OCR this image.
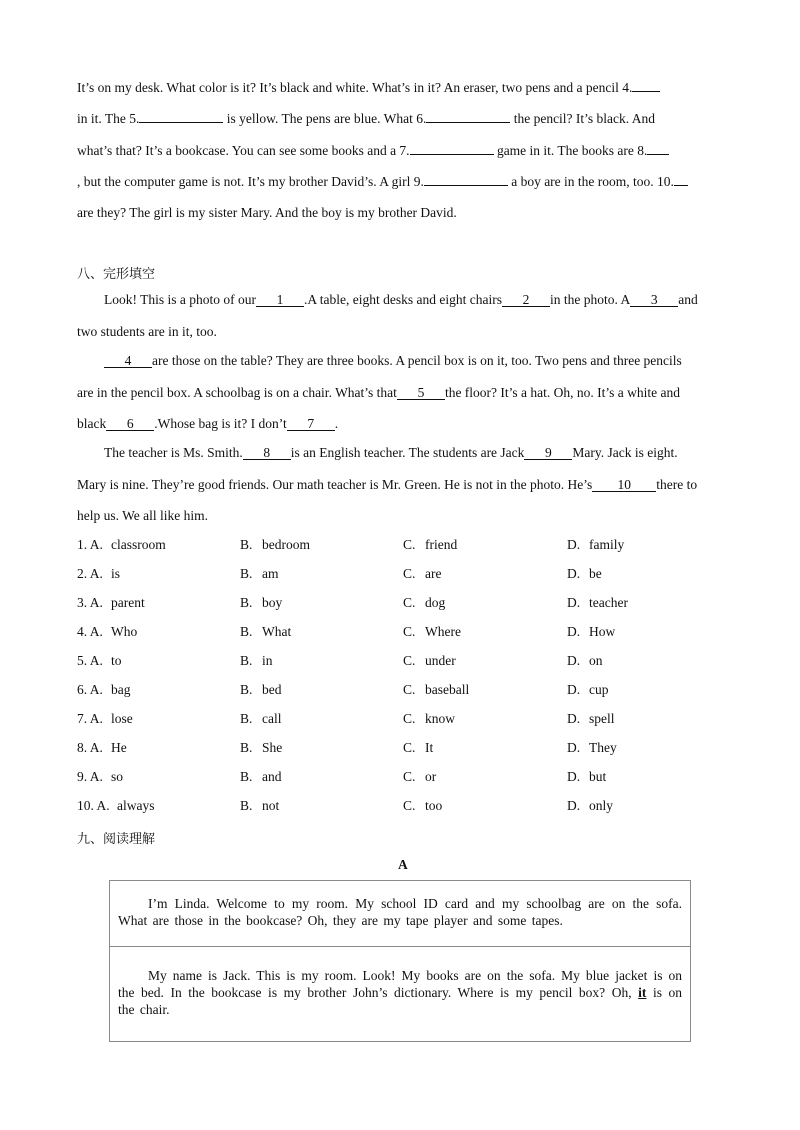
It’s on my desk. What color is it? It’s black and white. What’s in it? An eraser, two pens and a pencil 4.
in it. The 5.	is yellow. The pens are blue. What 6.	the pencil? It’s black. And
what’s that? It’s a bookcase. You can see some books and a 7.	game in it. The books are 8.
, but the computer game is not. It’s my brother David’s. A girl 9.	a boy are in the room, too. 10.
are they? The girl is my sister Mary. And the boy is my brother David.
八、完形填空
Look! This is a photo of our 1 .A table, eight desks and eight chairs 2 in the photo. A 3 and
two students are in it, too.
4 are those on the table? They are three books. A pencil box is on it, too. Two pens and three pencils
are in the pencil box. A schoolbag is on a chair. What’s that 5 the floor? It’s a hat. Oh, no. It’s a white and
black 6 .Whose bag is it? I don’t 7 .
The teacher is Ms. Smith. 8 is an English teacher. The students are Jack 9 Mary. Jack is eight.
Mary is nine. They’re good friends. Our math teacher is Mr. Green. He is not in the photo. He’s 10 there to
help us. We all like him.
1. A. classroom	B. bedroom	C. friend	D. family
2. A. is	B. am	C. are	D. be
3. A. parent	B. boy	C. dog	D. teacher
4. A. Who	B. What	C. Where	D. How
5. A. to	B. in	C. under	D. on
6. A. bag	B. bed	C. baseball	D. cup
7. A. lose	B. call	C. know	D. spell
8. A. He	B. She	C. It	D. They
9. A. so	B. and	C. or	D. but
10. A. always	B. not	C. too	D. only
九、阅读理解
A
I’m Linda. Welcome to my room. My school ID card and my schoolbag are on the sofa. What are those in the bookcase? Oh, they are my tape player and some tapes.
My name is Jack. This is my room. Look! My books are on the sofa. My blue jacket is on the bed. In the bookcase is my brother John’s dictionary. Where is my pencil box? Oh, it is on the chair.
